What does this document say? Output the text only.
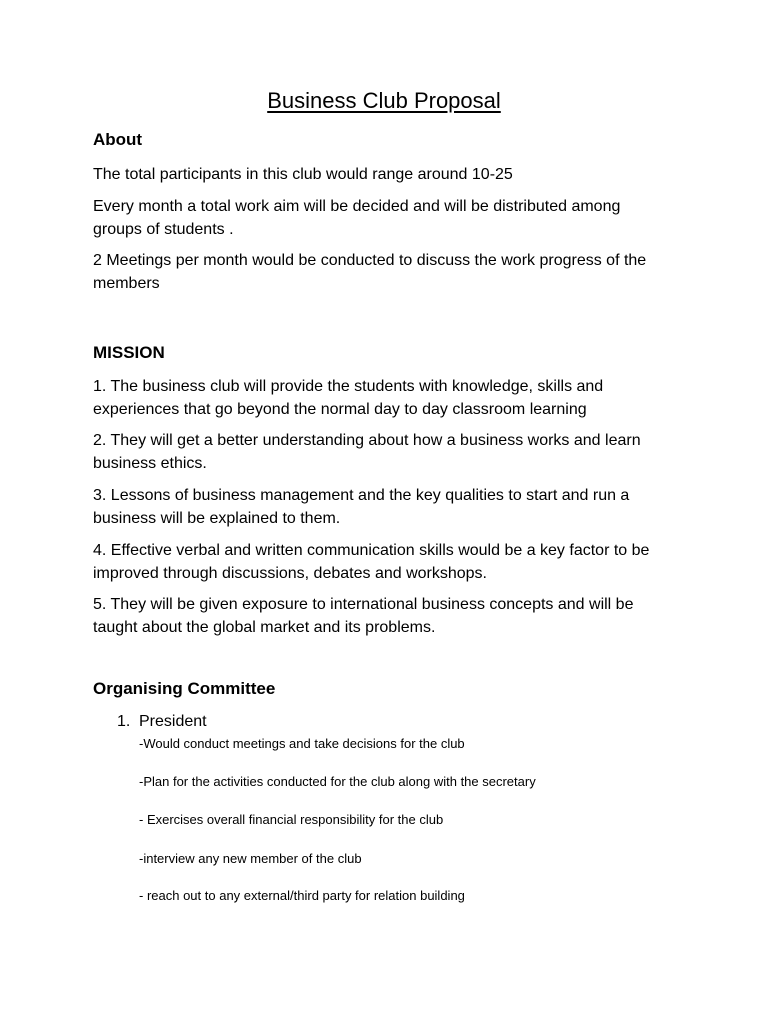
Business Club Proposal
About
The total participants in this club would range around 10-25
Every month a total work aim will be decided and will be distributed among
groups of students .
2 Meetings per month would be conducted to discuss the work progress of the
members
MISSION
1. The business club will provide the students with knowledge, skills and
experiences that go beyond the normal day to day classroom learning
2. They will get a better understanding about how a business works and learn
business ethics.
3. Lessons of business management and the key qualities to start and run a
business will be explained to them.
4. Effective verbal and written communication skills would be a key factor to be
improved through discussions, debates and workshops.
5. They will be given exposure to international business concepts and will be
taught about the global market and its problems.
Organising Committee
1. President
-Would conduct meetings and take decisions for the club
-Plan for the activities conducted for the club along with the secretary
- Exercises overall financial responsibility for the club
-interview any new member of the club
- reach out to any external/third party for relation building
